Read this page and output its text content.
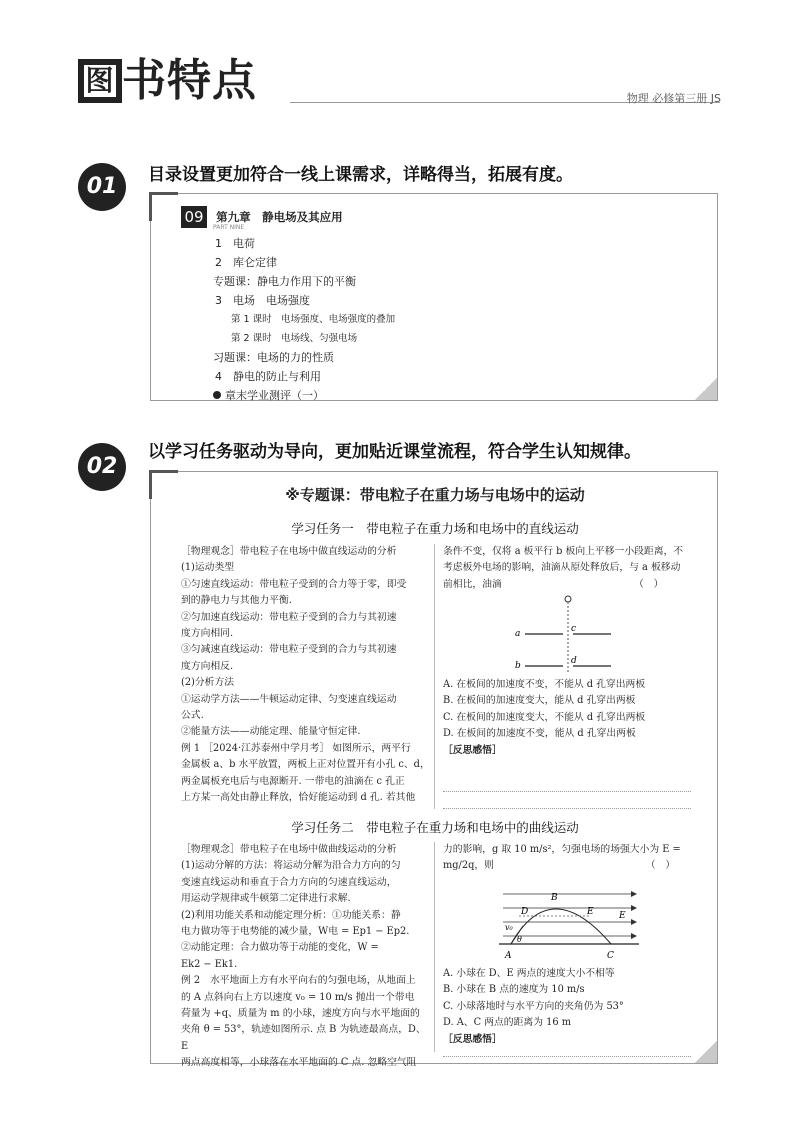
图 书特点	物理 必修第三册 JS
01	目录设置更加符合一线上课需求，详略得当，拓展有度。
09 $^{第九章 静电场及其应用}$
PART NINE
1　电荷
2　库仑定律
专题课：静电力作用下的平衡
3　电场　电场强度
第 1 课时　电场强度、电场强度的叠加
第 2 课时　电场线、匀强电场
习题课：电场的力的性质
4　静电的防止与利用
章末学业测评（一）
02
以学习任务驱动为导向，更加贴近课堂流程，符合学生认知规律。
※专题课：带电粒子在重力场与电场中的运动
学习任务一　带电粒子在重力场和电场中的直线运动

［物理观念］带电粒子在电场中做直线运动的分析

(1)运动类型

①匀速直线运动：带电粒子受到的合力等于零，即受

到的静电力与其他力平衡.

②匀加速直线运动：带电粒子受到的合力与其初速

度方向相同.

③匀减速直线运动：带电粒子受到的合力与其初速

度方向相反.

(2)分析方法

①运动学方法——牛顿运动定律、匀变速直线运动

公式.

②能量方法——动能定理、能量守恒定律.

例 1 ［2024·江苏泰州中学月考］ 如图所示，两平行

金属板 a、b 水平放置，两板上正对位置开有小孔 c、d，

两金属板充电后与电源断开. 一带电的油滴在 c 孔正

上方某一高处由静止释放，恰好能运动到 d 孔. 若其他

条件不变，仅将 a 板平行 b 板向上平移一小段距离，不

考虑板外电场的影响，油滴从原处释放后，与 a 板移动

前相比，油滴　　　　　　　　　　　　　　（　）

a
b
c
d

A. 在板间的加速度不变，不能从 d 孔穿出两板

B. 在板间的加速度变大，能从 d 孔穿出两板

C. 在板间的加速度变大，不能从 d 孔穿出两板

D. 在板间的加速度不变，能从 d 孔穿出两板

［反思感悟］

学习任务二　带电粒子在重力场和电场中的曲线运动

［物理观念］带电粒子在电场中做曲线运动的分析

(1)运动分解的方法：将运动分解为沿合力方向的匀

变速直线运动和垂直于合力方向的匀速直线运动，

用运动学规律或牛顿第二定律进行求解.

(2)利用功能关系和动能定理分析：①功能关系：静

电力做功等于电势能的减少量，W电 = Ep1 − Ep2.

②动能定理：合力做功等于动能的变化，W =

Ek2 − Ek1.

例 2　水平地面上方有水平向右的匀强电场，从地面上

的 A 点斜向右上方以速度 v₀ = 10 m/s 抛出一个带电

荷量为 +q、质量为 m 的小球，速度方向与水平地面的

夹角 θ = 53°，轨迹如图所示. 点 B 为轨迹最高点，D、E

两点高度相等，小球落在水平地面的 C 点. 忽略空气阻

力的影响，g 取 10 m/s²，匀强电场的场强大小为 E =

mg/2q，则　　　　　　　　　　　　　　　　（　）

A
B
C
D	E	E
v₀
θ

A. 小球在 D、E 两点的速度大小不相等

B. 小球在 B 点的速度为 10 m/s

C. 小球落地时与水平方向的夹角仍为 53°

D. A、C 两点的距离为 16 m

［反思感悟］
